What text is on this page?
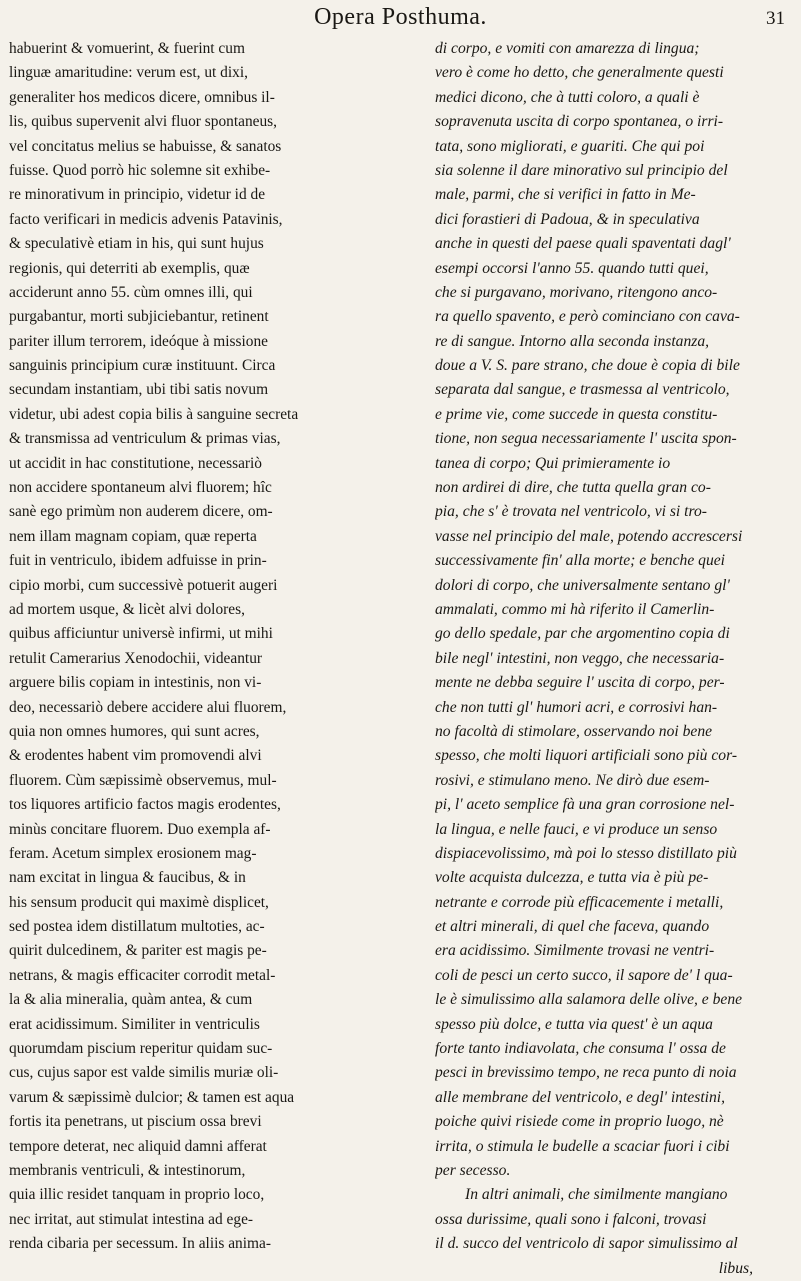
Opera Posthuma.	31
habuerint & vomuerint, & fuerint cum
linguæ amaritudine: verum est, ut dixi,
generaliter hos medicos dicere, omnibus il-
lis, quibus supervenit alvi fluor spontaneus,
vel concitatus melius se habuisse, & sanatos
fuisse. Quod porrò hic solemne sit exhibe-
re minorativum in principio, videtur id de
facto verificari in medicis advenis Patavinis,
& speculativè etiam in his, qui sunt hujus
regionis, qui deterriti ab exemplis, quæ
acciderunt anno 55. cùm omnes illi, qui
purgabantur, morti subjiciebantur, retinent
pariter illum terrorem, ideóque à missione
sanguinis principium curæ instituunt. Circa
secundam instantiam, ubi tibi satis novum
videtur, ubi adest copia bilis à sanguine secreta
& transmissa ad ventriculum & primas vias,
ut accidit in hac constitutione, necessariò
non accidere spontaneum alvi fluorem; hîc
sanè ego primùm non auderem dicere, om-
nem illam magnam copiam, quæ reperta
fuit in ventriculo, ibidem adfuisse in prin-
cipio morbi, cum successivè potuerit augeri
ad mortem usque, & licèt alvi dolores,
quibus afficiuntur universè infirmi, ut mihi
retulit Camerarius Xenodochii, videantur
arguere bilis copiam in intestinis, non vi-
deo, necessariò debere accidere alui fluorem,
quia non omnes humores, qui sunt acres,
& erodentes habent vim promovendi alvi
fluorem. Cùm sæpissimè observemus, mul-
tos liquores artificio factos magis erodentes,
minùs concitare fluorem. Duo exempla af-
feram. Acetum simplex erosionem mag-
nam excitat in lingua & faucibus, & in
his sensum producit qui maximè displicet,
sed postea idem distillatum multoties, ac-
quirit dulcedinem, & pariter est magis pe-
netrans, & magis efficaciter corrodit metal-
la & alia mineralia, quàm antea, & cum
erat acidissimum. Similiter in ventriculis
quorumdam piscium reperitur quidam suc-
cus, cujus sapor est valde similis muriæ oli-
varum & sæpissimè dulcior; & tamen est aqua
fortis ita penetrans, ut piscium ossa brevi
tempore deterat, nec aliquid damni afferat
membranis ventriculi, & intestinorum,
quia illic residet tanquam in proprio loco,
nec irritat, aut stimulat intestina ad ege-
renda cibaria per secessum. In aliis anima-
di corpo, e vomiti con amarezza di lingua;
vero è come ho detto, che generalmente questi
medici dicono, che à tutti coloro, a quali è
sopravenuta uscita di corpo spontanea, o irri-
tata, sono migliorati, e guariti. Che qui poi
sia solenne il dare minorativo sul principio del
male, parmi, che si verifici in fatto in Me-
dici forastieri di Padoua, & in speculativa
anche in questi del paese quali spaventati dagl'
esempi occorsi l'anno 55. quando tutti quei,
che si purgavano, morivano, ritengono anco-
ra quello spavento, e però cominciano con cava-
re di sangue. Intorno alla seconda instanza,
doue a V. S. pare strano, che doue è copia di bile
separata dal sangue, e trasmessa al ventricolo,
e prime vie, come succede in questa constitu-
tione, non segua necessariamente l' uscita spon-
tanea di corpo; Qui primieramente io
non ardirei di dire, che tutta quella gran co-
pia, che s' è trovata nel ventricolo, vi si tro-
vasse nel principio del male, potendo accrescersi
successivamente fin' alla morte; e benche quei
dolori di corpo, che universalmente sentano gl'
ammalati, commo mi hà riferito il Camerlin-
go dello spedale, par che argomentino copia di
bile negl' intestini, non veggo, che necessaria-
mente ne debba seguire l' uscita di corpo, per-
che non tutti gl' humori acri, e corrosivi han-
no facoltà di stimolare, osservando noi bene
spesso, che molti liquori artificiali sono più cor-
rosivi, e stimulano meno. Ne dirò due esem-
pi, l' aceto semplice fà una gran corrosione nel-
la lingua, e nelle fauci, e vi produce un senso
dispiacevolissimo, mà poi lo stesso distillato più
volte acquista dulcezza, e tutta via è più pe-
netrante e corrode più efficacemente i metalli,
et altri minerali, di quel che faceva, quando
era acidissimo. Similmente trovasi ne ventri-
coli de pesci un certo succo, il sapore de' l qua-
le è simulissimo alla salamora delle olive, e bene
spesso più dolce, e tutta via quest' è un aqua
forte tanto indiavolata, che consuma l' ossa de
pesci in brevissimo tempo, ne reca punto di noia
alle membrane del ventricolo, e degl' intestini,
poiche quivi risiede come in proprio luogo, nè
irrita, o stimula le budelle a scaciar fuori i cibi
per secesso.
In altri animali, che similmente mangiano
ossa durissime, quali sono i falconi, trovasi
il d. succo del ventricolo di sapor simulissimo al
libus,
